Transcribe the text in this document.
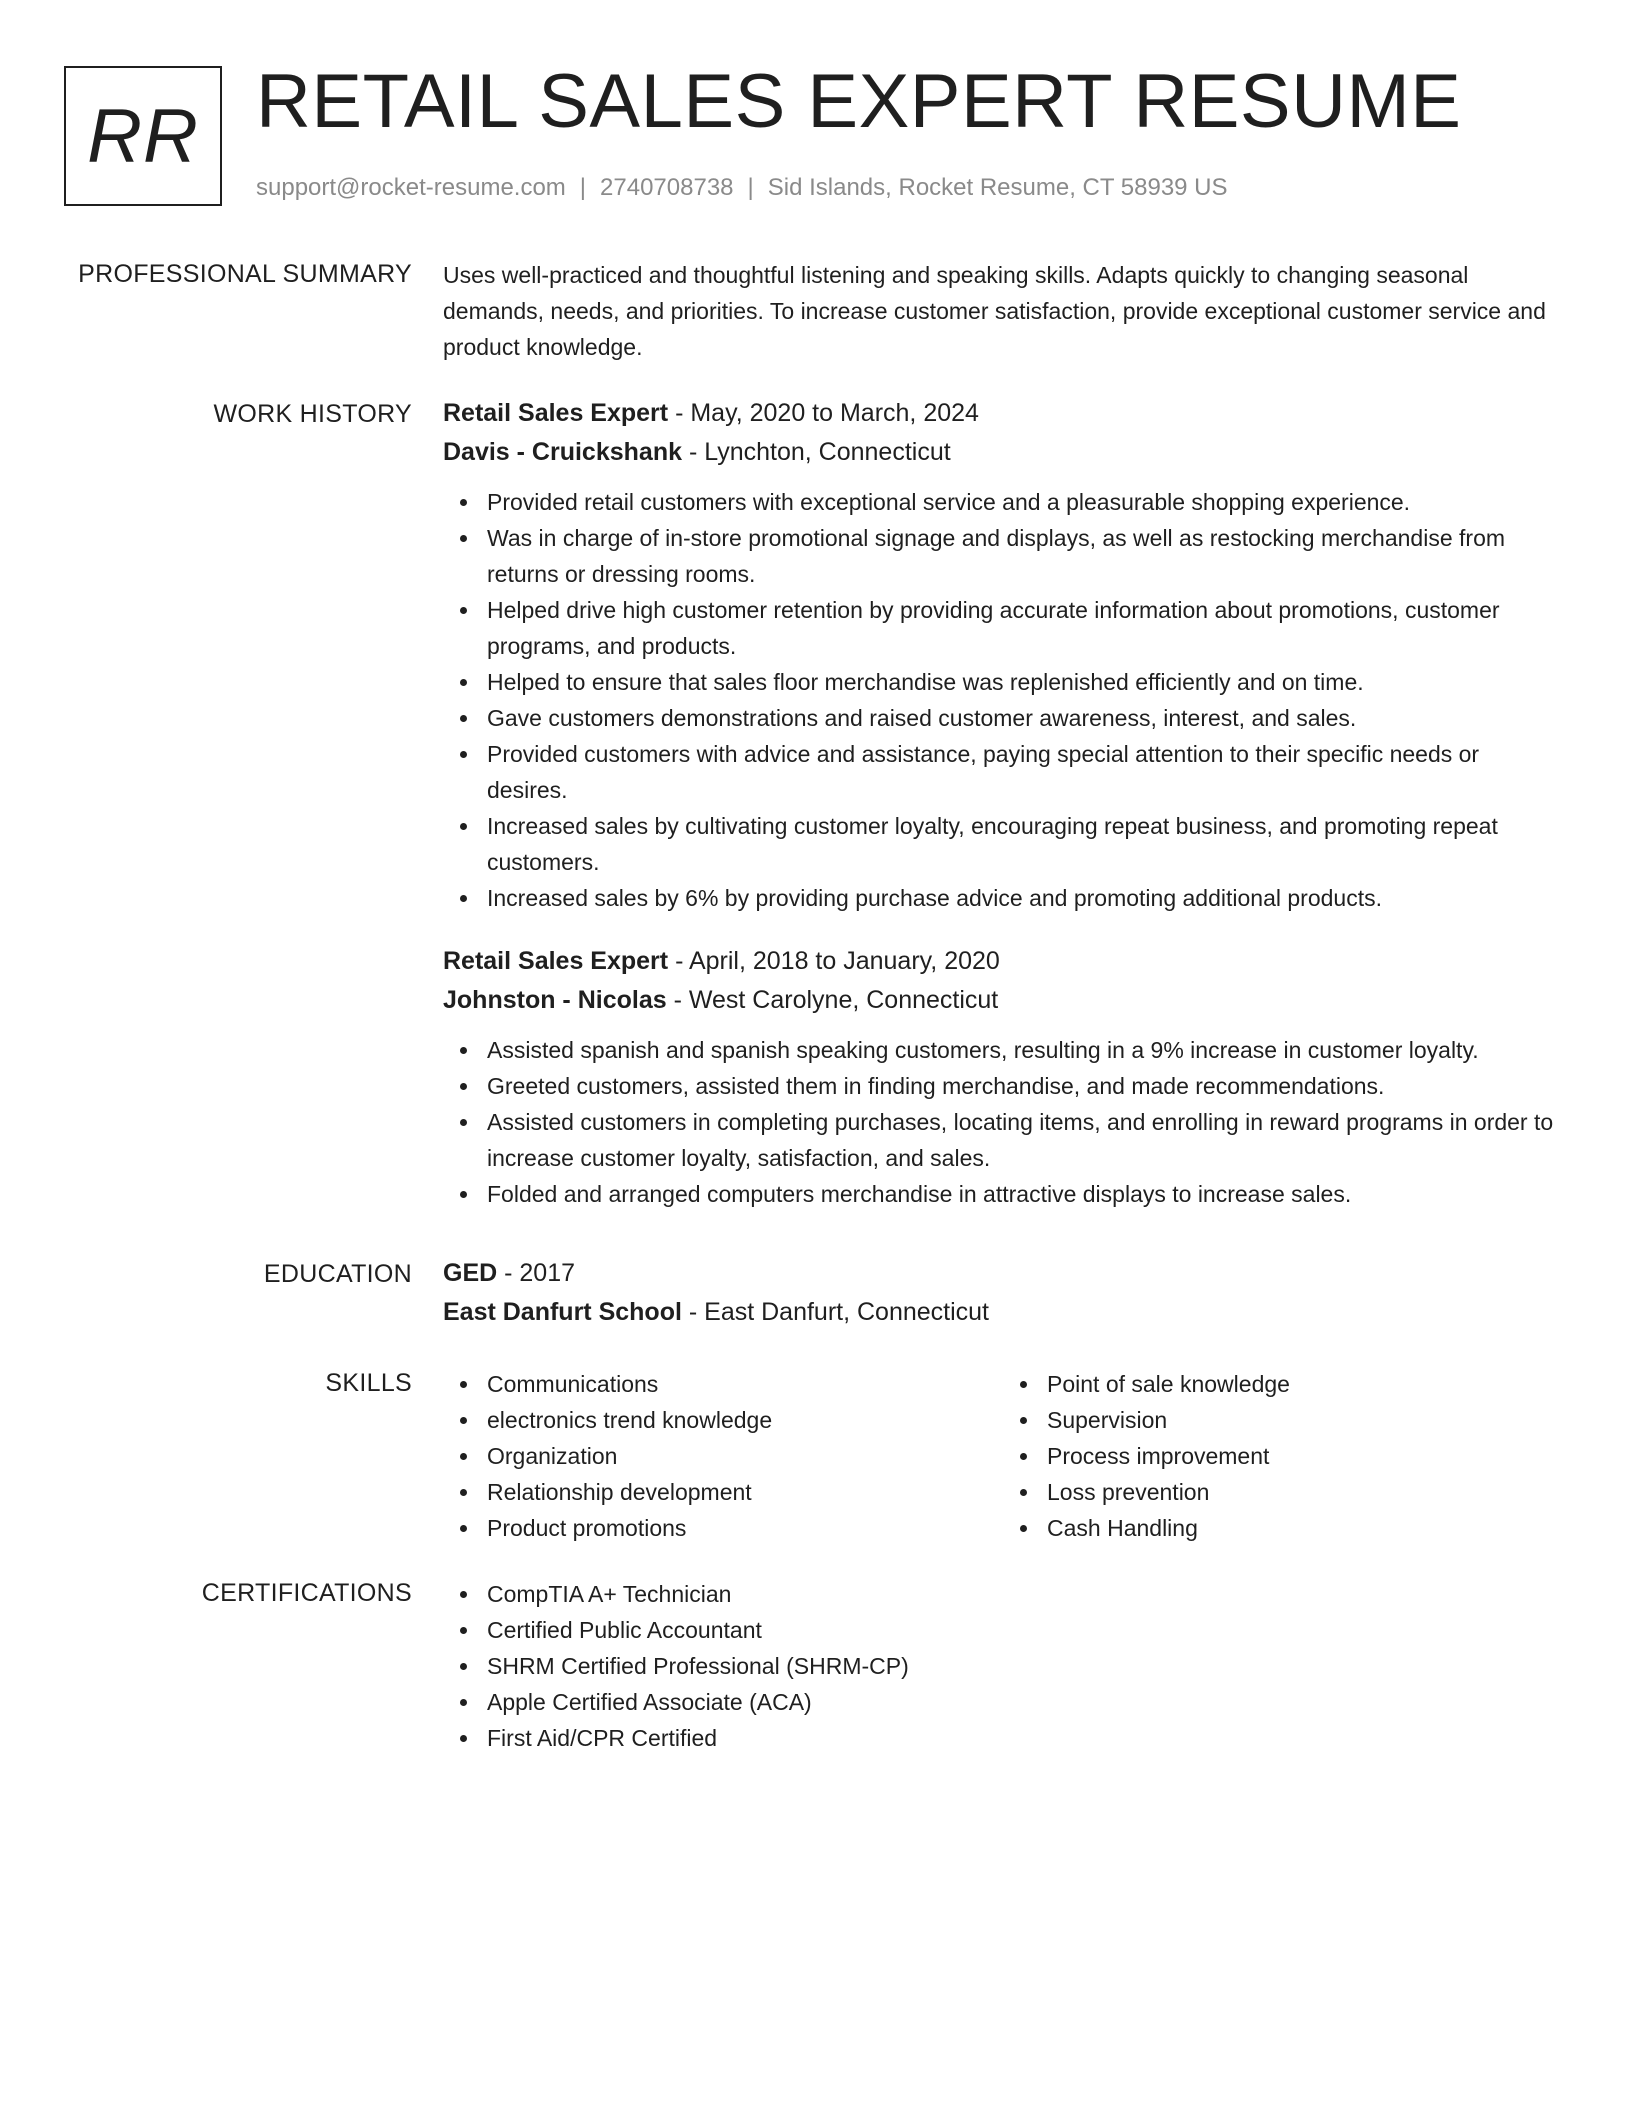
RR RETAIL SALES EXPERT RESUME
support@rocket-resume.com | 2740708738 | Sid Islands, Rocket Resume, CT 58939 US
PROFESSIONAL SUMMARY Uses well-practiced and thoughtful listening and speaking skills. Adapts quickly to changing seasonal demands, needs, and priorities. To increase customer satisfaction, provide exceptional customer service and product knowledge.

WORK HISTORY Retail Sales Expert - May, 2020 to March, 2024
Davis - Cruickshank - Lynchton, Connecticut
Provided retail customers with exceptional service and a pleasurable shopping experience.
Was in charge of in-store promotional signage and displays, as well as restocking merchandise from returns or dressing rooms.
Helped drive high customer retention by providing accurate information about promotions, customer programs, and products.
Helped to ensure that sales floor merchandise was replenished efficiently and on time.
Gave customers demonstrations and raised customer awareness, interest, and sales.
Provided customers with advice and assistance, paying special attention to their specific needs or desires.
Increased sales by cultivating customer loyalty, encouraging repeat business, and promoting repeat customers.
Increased sales by 6% by providing purchase advice and promoting additional products.
Retail Sales Expert - April, 2018 to January, 2020
Johnston - Nicolas - West Carolyne, Connecticut
Assisted spanish and spanish speaking customers, resulting in a 9% increase in customer loyalty.
Greeted customers, assisted them in finding merchandise, and made recommendations.
Assisted customers in completing purchases, locating items, and enrolling in reward programs in order to increase customer loyalty, satisfaction, and sales.
Folded and arranged computers merchandise in attractive displays to increase sales.
EDUCATION GED - 2017
East Danfurt School - East Danfurt, Connecticut
SKILLS	Communications
electronics trend knowledge
Organization
Relationship development
Product promotions
Point of sale knowledge
Supervision
Process improvement
Loss prevention
Cash Handling
CERTIFICATIONS	CompTIA A+ Technician
Certified Public Accountant
SHRM Certified Professional (SHRM-CP)
Apple Certified Associate (ACA)
First Aid/CPR Certified
